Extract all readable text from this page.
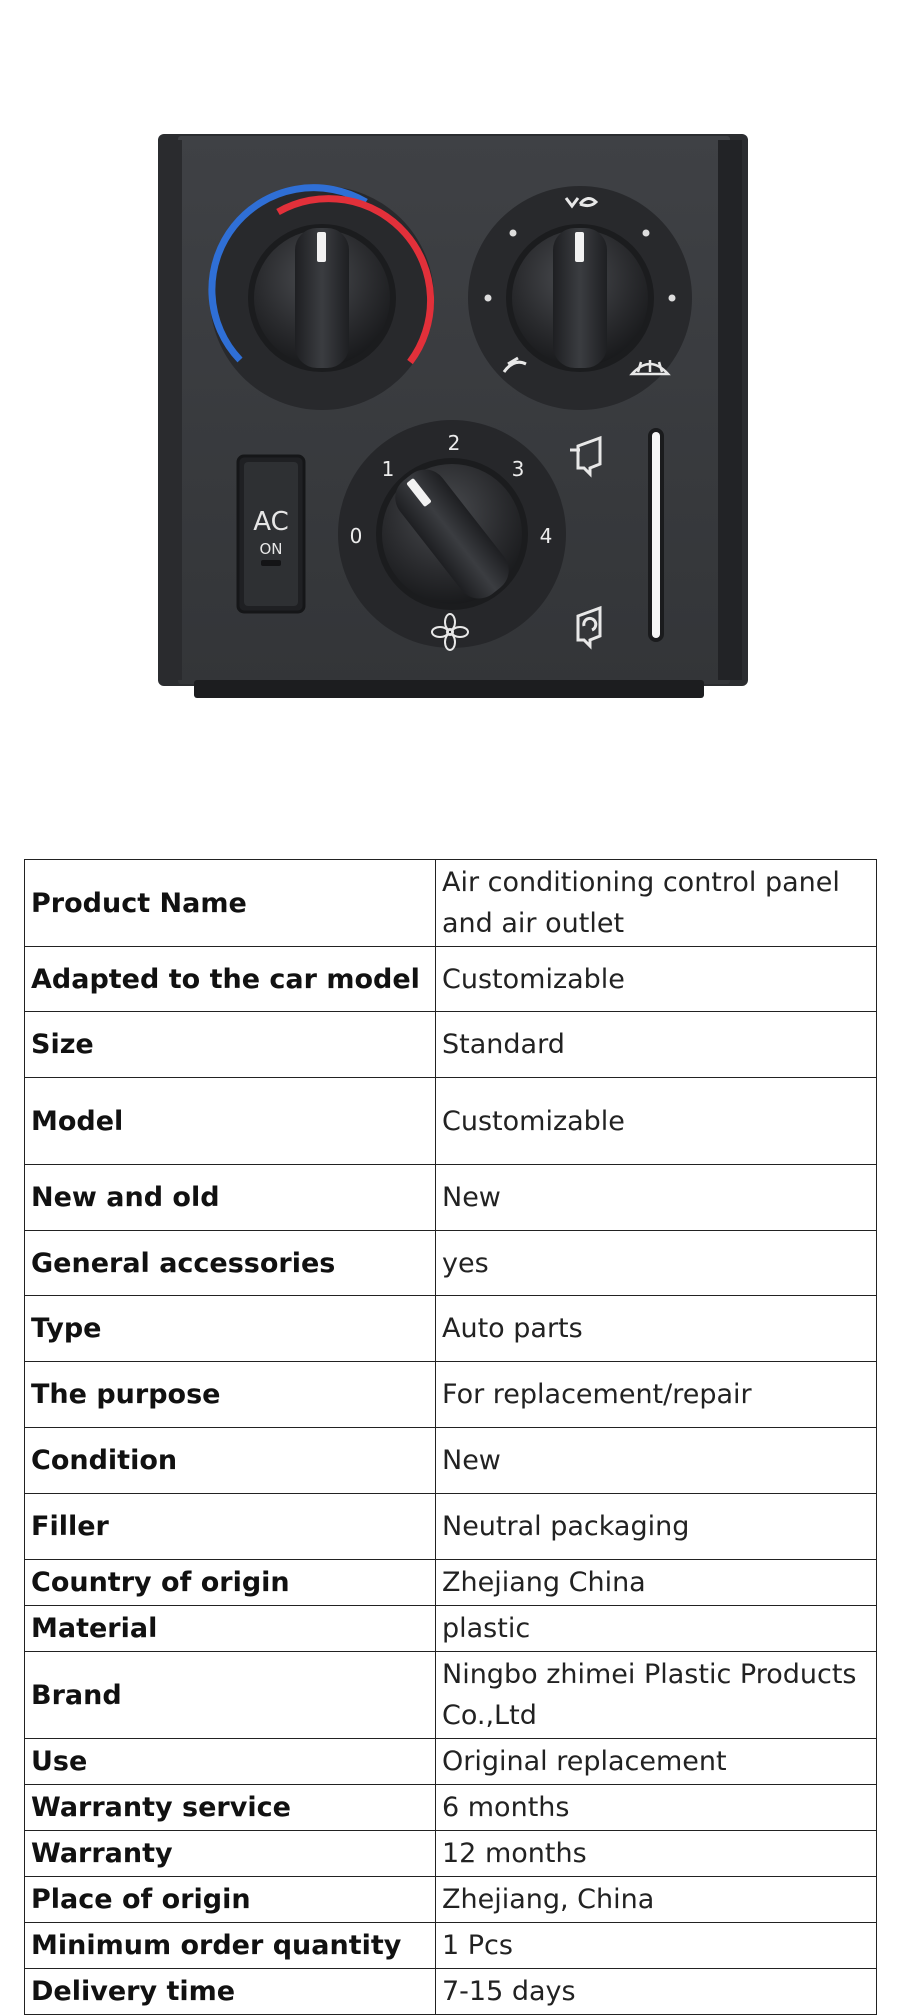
AC
ON
0
1
2
3
4
Product Name	Air conditioning control panel and air outlet
Adapted to the car model	Customizable
Size	Standard
Model	Customizable
New and old	New
General accessories	yes
Type	Auto parts
The purpose	For replacement/repair
Condition	New
Filler	Neutral packaging
Country of origin	Zhejiang China
Material	plastic
Brand	Ningbo zhimei Plastic Products Co.,Ltd
Use	Original replacement
Warranty service	6 months
Warranty	12 months
Place of origin	Zhejiang, China
Minimum order quantity	1 Pcs
Delivery time	7-15 days
